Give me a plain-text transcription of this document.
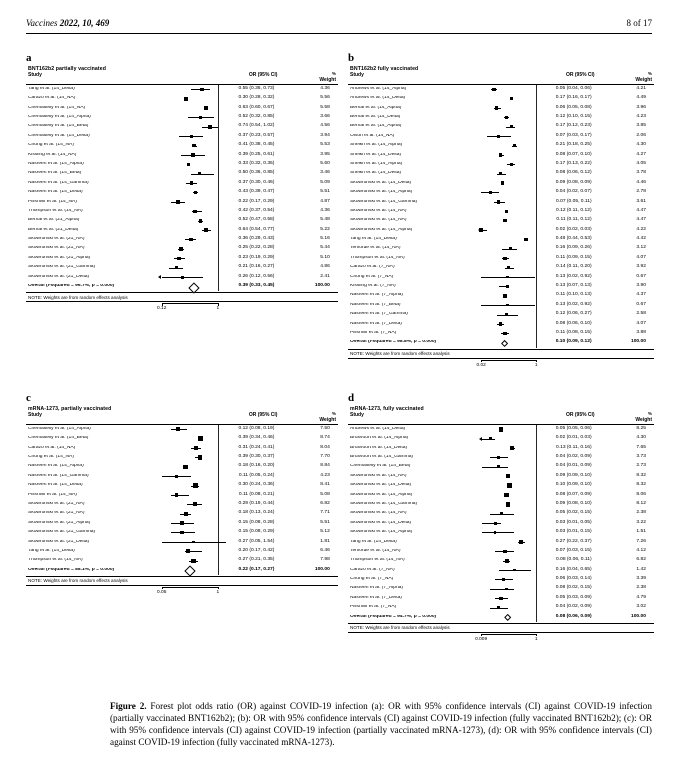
Vaccines 2022, 10, 469	8 of 17
a
BNT162b2 partially vaccinated
Study	OR (95% CI)	%
Weight
Tang et al. (14_Delta)	0.55 (0.36, 0.73)	4.36
Carazo et al. (14_NA)	0.30 (0.28, 0.32)	5.56
Chemaitelly et al. (14_NA)	0.63 (0.60, 0.67)	5.58
Chemaitelly et al. (14_Alpha)	0.52 (0.32, 0.85)	3.66
Chemaitelly et al. (14_Beta)	0.74 (0.54, 1.02)	4.56
Chemaitelly et al. (14_Delta)	0.37 (0.23, 0.57)	3.94
Chung et al. (14_NA)	0.41 (0.38, 0.45)	5.53
Kissling et al. (14_NA)	0.39 (0.25, 0.61)	3.95
Nasreen et al. (14_Alpha)	0.33 (0.32, 0.35)	5.60
Nasreen et al. (14_Beta)	0.50 (0.36, 0.85)	3.46
Nasreen et al. (14_Gamma)	0.37 (0.30, 0.46)	5.09
Nasreen et al. (14_Delta)	0.43 (0.39, 0.47)	5.51
Pilishvili et al. (14_NA)	0.22 (0.17, 0.29)	4.87
Thompson et al. (14_NA)	0.42 (0.37, 0.54)	4.36
Bernal et al. (21_Alpha)	0.52 (0.47, 0.58)	5.48
Bernal et al. (21_Delta)	0.64 (0.54, 0.77)	5.22
Skowronski et al. (21_NA)	0.36 (0.29, 0.43)	5.16
Skowronski et al. (21_NA)	0.25 (0.22, 0.28)	5.44
Skowronski et al. (21_Alpha)	0.23 (0.19, 0.29)	5.10
Skowronski et al. (21_Gamma)	0.21 (0.16, 0.27)	4.86
Skowronski et al. (21_Delta)	0.26 (0.12, 0.56)	2.41
Overall (I-squared = 96.7%, p = 0.000)	0.39 (0.33, 0.45)	100.00
NOTE: Weights are from random effects analysis
0.12	1
b
BNT162b2 fully vaccinated
Study	OR (95% CI)	%
Weight
Andrews et al. (14_Alpha)	0.05 (0.04, 0.06)	4.21
Andrews et al. (14_Delta)	0.17 (0.16, 0.17)	4.49
Bernal et al. (14_Alpha)	0.06 (0.05, 0.08)	3.96
Bernal et al. (14_Delta)	0.12 (0.10, 0.15)	4.23
Bernal et al. (14_Alpha)	0.17 (0.12, 0.23)	3.85
Olson et al. (14_NA)	0.07 (0.03, 0.17)	2.06
Sheikh et al. (14_Alpha)	0.21 (0.18, 0.25)	4.30
Sheikh et al. (14_Delta)	0.08 (0.07, 0.10)	4.27
Sheikh et al. (14_Alpha)	0.17 (0.13, 0.22)	4.05
Sheikh et al. (14_Delta)	0.08 (0.06, 0.12)	3.78
Skowronski et al. (14_Delta)	0.09 (0.08, 0.09)	4.46
Skowronski et al. (14_Alpha)	0.04 (0.02, 0.07)	2.78
Skowronski et al. (14_Gamma)	0.07 (0.05, 0.11)	3.61
Skowronski et al. (14_NA)	0.12 (0.11, 0.12)	4.47
Skowronski et al. (14_NA)	0.11 (0.11, 0.12)	4.47
Skowronski et al. (14_Alpha)	0.02 (0.02, 0.03)	4.22
Tang et al. (14_Delta)	0.48 (0.44, 0.53)	4.42
Tenforde et al. (14_NA)	0.16 (0.09, 0.26)	3.12
Thompson et al. (14_NA)	0.11 (0.09, 0.15)	4.07
Carazo et al. (7_NA)	0.14 (0.11, 0.20)	3.92
Chung et al. (7_NA)	0.13 (0.02, 0.92)	0.67
Kissling et al. (7_NA)	0.13 (0.07, 0.13)	3.90
Nasreen et al. (7_Alpha)	0.11 (0.10, 0.13)	4.37
Nasreen et al. (7_Beta)	0.13 (0.02, 0.92)	0.67
Nasreen et al. (7_Gamma)	0.12 (0.06, 0.27)	2.58
Nasreen et al. (7_Delta)	0.08 (0.06, 0.10)	4.07
Pilishvili et al. (7_NA)	0.11 (0.08, 0.15)	3.88
Overall (I-squared = 98.8%, p = 0.000)	0.10 (0.09, 0.12)	100.00
NOTE: Weights are from random effects analysis
0.02	1
c
mRNA-1273, partially vaccinated
Study	OR (95% CI)	%
Weight
Chemaitelly et al. (14_Alpha)	0.12 (0.08, 0.19)	7.50
Chemaitelly et al. (14_Beta)	0.39 (0.34, 0.46)	8.74
Carazo et al. (14_NA)	0.31 (0.24, 0.41)	8.04
Chung et al. (14_NA)	0.39 (0.30, 0.37)	7.70
Nasreen et al. (14_Alpha)	0.18 (0.16, 0.20)	8.84
Nasreen et al. (14_Gamma)	0.11 (0.05, 0.24)	4.23
Nasreen et al. (14_Delta)	0.30 (0.24, 0.36)	8.41
Pilishvili et al. (14_NA)	0.11 (0.08, 0.21)	5.08
Skowronski et al. (21_NA)	0.29 (0.19, 0.44)	6.82
Skowronski et al. (21_NA)	0.18 (0.13, 0.24)	7.71
Skowronski et al. (21_Alpha)	0.15 (0.08, 0.28)	5.51
Skowronski et al. (21_Gamma)	0.15 (0.08, 0.29)	5.12
Skowronski et al. (21_Delta)	0.27 (0.05, 1.54)	1.81
Tang et al. (14_Delta)	0.20 (0.17, 0.42)	6.46
Thompson et al. (14_NA)	0.27 (0.21, 0.35)	7.98
Overall (I-squared = 88.1%, p = 0.000)	0.22 (0.17, 0.27)	100.00
NOTE: Weights are from random effects analysis
0.05	1
d
mRNA-1273, fully vaccinated
Study	OR (95% CI)	%
Weight
Andrews et al. (14_Delta)	0.05 (0.05, 0.06)	8.25
Bruxvoort et al. (14_Alpha)	0.02 (0.01, 0.03)	4.30
Bruxvoort et al. (14_Delta)	0.13 (0.11, 0.16)	7.65
Bruxvoort et al. (14_Gamma)	0.04 (0.02, 0.09)	3.73
Chemaitelly et al. (14_Beta)	0.04 (0.01, 0.09)	2.73
Skowronski et al. (14_NA)	0.09 (0.09, 0.10)	8.32
Skowronski et al. (14_Delta)	0.10 (0.09, 0.10)	8.32
Skowronski et al. (14_Alpha)	0.08 (0.07, 0.09)	8.06
Skowronski et al. (14_Gamma)	0.09 (0.08, 0.10)	8.12
Skowronski et al. (14_NA)	0.05 (0.02, 0.15)	2.38
Skowronski et al. (14_Delta)	0.03 (0.01, 0.05)	3.22
Skowronski et al. (14_Alpha)	0.03 (0.01, 0.15)	1.51
Tang et al. (14_Delta)	0.27 (0.22, 0.37)	7.26
Tenforde et al. (14_NA)	0.07 (0.03, 0.15)	4.12
Thompson et al. (14_NA)	0.08 (0.06, 0.11)	6.82
Carazo et al. (7_NA)	0.16 (0.04, 0.65)	1.42
Chung et al. (7_NA)	0.06 (0.03, 0.14)	3.39
Nasreen et al. (7_Alpha)	0.08 (0.02, 0.15)	2.38
Nasreen et al. (7_Delta)	0.05 (0.03, 0.09)	4.79
Pilishvili et al. (7_NA)	0.04 (0.02, 0.09)	3.02
Overall (I-squared = 94.7%, p = 0.000)	0.08 (0.06, 0.09)	100.00
NOTE: Weights are from random effects analysis
0.009	1
Figure 2. Forest plot odds ratio (OR) against COVID-19 infection (a): OR with 95% confidence intervals (CI) against COVID-19 infection (partially vaccinated BNT162b2); (b): OR with 95% confidence intervals (CI) against COVID-19 infection (fully vaccinated BNT162b2); (c): OR with 95% confidence intervals (CI) against COVID-19 infection (partially vaccinated mRNA-1273), (d): OR with 95% confidence intervals (CI) against COVID-19 infection (fully vaccinated mRNA-1273).
